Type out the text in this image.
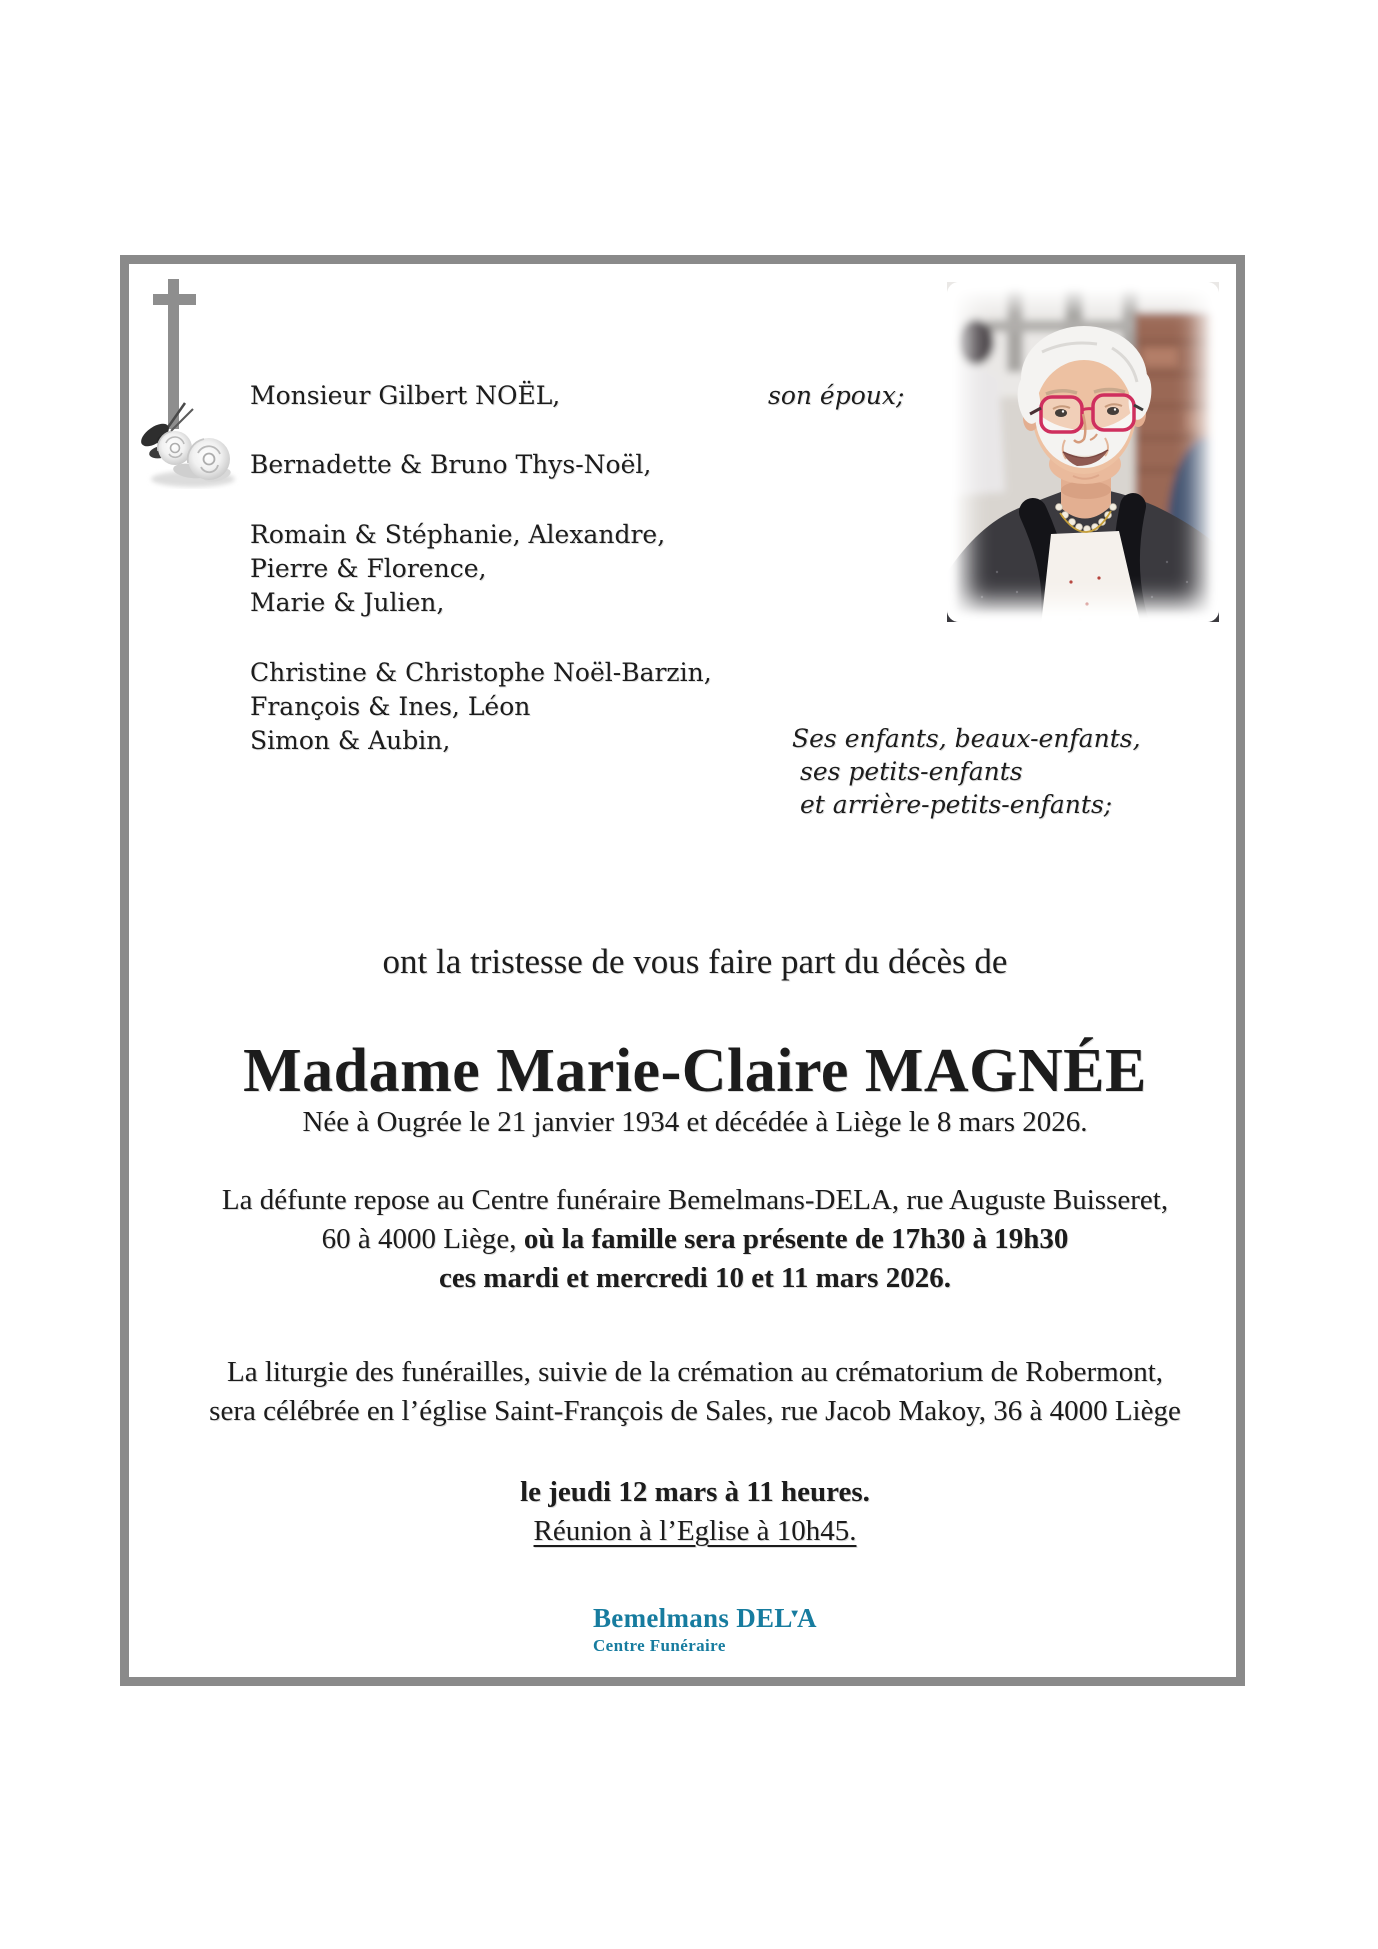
Monsieur Gilbert NOËL,	son époux;
Bernadette & Bruno Thys-Noël,
Romain & Stéphanie, Alexandre,
Pierre & Florence,
Marie & Julien,
Christine & Christophe Noël-Barzin,
François & Ines, Léon
Simon & Aubin,	Ses enfants, beaux-enfants,
ses petits-enfants
et arrière-petits-enfants;
ont la tristesse de vous faire part du décès de
Madame Marie-Claire MAGNÉE
Née à Ougrée le 21 janvier 1934 et décédée à Liège le 8 mars 2026.
La défunte repose au Centre funéraire Bemelmans-DELA, rue Auguste Buisseret,
60 à 4000 Liège, où la famille sera présente de 17h30 à 19h30
ces mardi et mercredi 10 et 11 mars 2026.
La liturgie des funérailles, suivie de la crémation au crématorium de Robermont,
sera célébrée en l’église Saint-François de Sales, rue Jacob Makoy, 36 à 4000 Liège
le jeudi 12 mars à 11 heures.
Réunion à l’Eglise à 10h45.
Bemelmans DEL▾A
Centre Funéraire
